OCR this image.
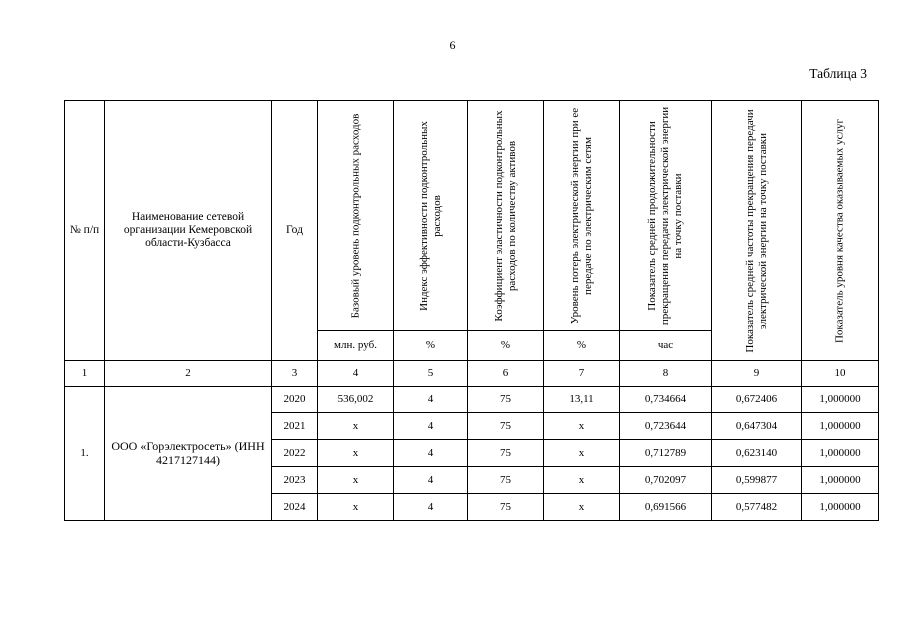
6
Таблица 3
№ п/п	Наименование сетевой организации Кемеровской области-Кузбасса	Год	Базовый уровень подконтрольных расходов	Индекс эффективности подконтрольных расходов	Коэффициент эластичности подконтрольных расходов по количеству активов	Уровень потерь электрической энергии при ее передаче по электрическим сетям	Показатель средней продолжительности прекращения передачи электрической энергии на точку поставки	Показатель средней частоты прекращения передачи электрической энергии на точку поставки	Показатель уровня качества оказываемых услуг

			млн. руб.	%	%	%	час		
1	2	3	4	5	6	7	8	9	10
1.	ООО «Горэлектросеть» (ИНН 4217127144)	2020	536,002	4	75	13,11	0,734664	0,672406	1,000000
		2021	x	4	75	x	0,723644	0,647304	1,000000
		2022	x	4	75	x	0,712789	0,623140	1,000000
		2023	x	4	75	x	0,702097	0,599877	1,000000
		2024	x	4	75	x	0,691566	0,577482	1,000000
